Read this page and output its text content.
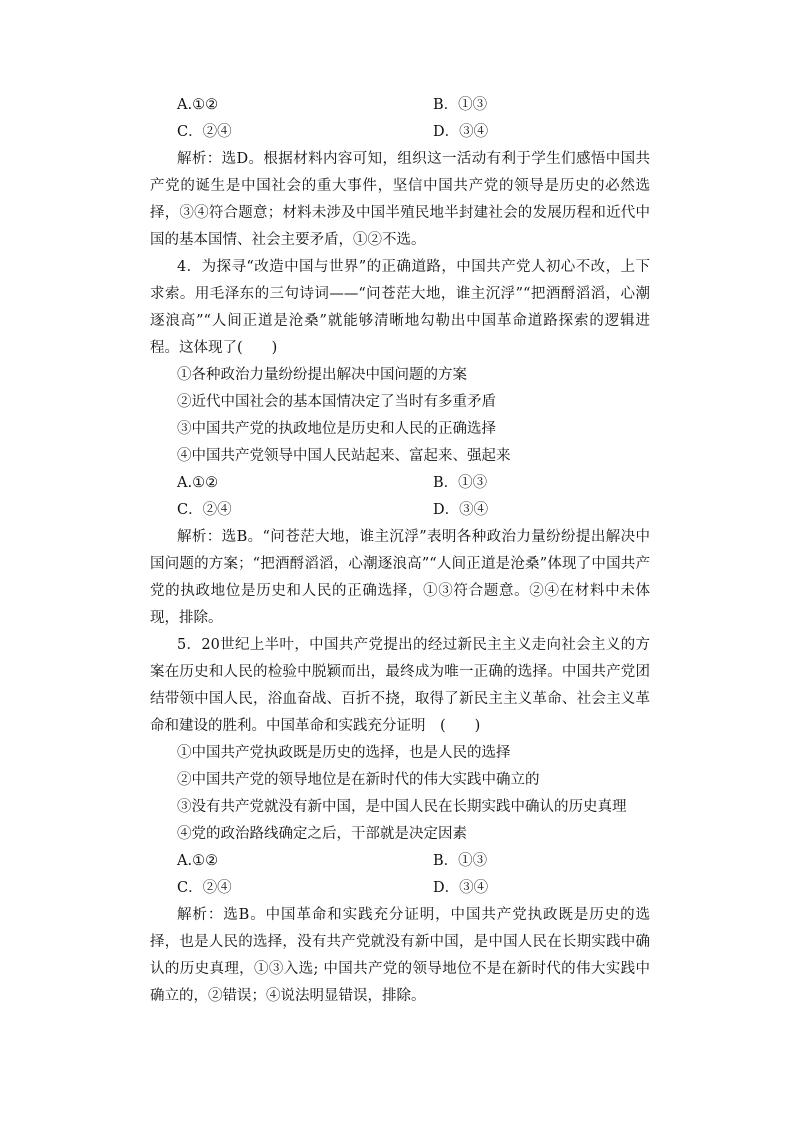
A.①②	B．①③
C．②④	D．③④

解析：选D。根据材料内容可知，组织这一活动有利于学生们感悟中国共产党的诞生是中国社会的重大事件，坚信中国共产党的领导是历史的必然选择，③④符合题意；材料未涉及中国半殖民地半封建社会的发展历程和近代中国的基本国情、社会主要矛盾，①②不选。

4．为探寻“改造中国与世界”的正确道路，中国共产党人初心不改，上下求索。用毛泽东的三句诗词——“问苍茫大地，谁主沉浮”“把酒酹滔滔，心潮逐浪高”“人间正道是沧桑”就能够清晰地勾勒出中国革命道路探索的逻辑进程。这体现了(　　)

①各种政治力量纷纷提出解决中国问题的方案
②近代中国社会的基本国情决定了当时有多重矛盾
③中国共产党的执政地位是历史和人民的正确选择
④中国共产党领导中国人民站起来、富起来、强起来
A.①②	B．①③
C．②④	D．③④

解析：选B。“问苍茫大地，谁主沉浮”表明各种政治力量纷纷提出解决中国问题的方案；“把酒酹滔滔，心潮逐浪高”“人间正道是沧桑”体现了中国共产党的执政地位是历史和人民的正确选择，①③符合题意。②④在材料中未体现，排除。

5．20世纪上半叶，中国共产党提出的经过新民主主义走向社会主义的方案在历史和人民的检验中脱颖而出，最终成为唯一正确的选择。中国共产党团结带领中国人民，浴血奋战、百折不挠，取得了新民主主义革命、社会主义革命和建设的胜利。中国革命和实践充分证明　(　　)

①中国共产党执政既是历史的选择，也是人民的选择
②中国共产党的领导地位是在新时代的伟大实践中确立的
③没有共产党就没有新中国，是中国人民在长期实践中确认的历史真理
④党的政治路线确定之后，干部就是决定因素
A.①②	B．①③
C．②④	D．③④

解析：选B。中国革命和实践充分证明，中国共产党执政既是历史的选择，也是人民的选择，没有共产党就没有新中国，是中国人民在长期实践中确认的历史真理，①③入选; 中国共产党的领导地位不是在新时代的伟大实践中确立的，②错误；④说法明显错误，排除。
